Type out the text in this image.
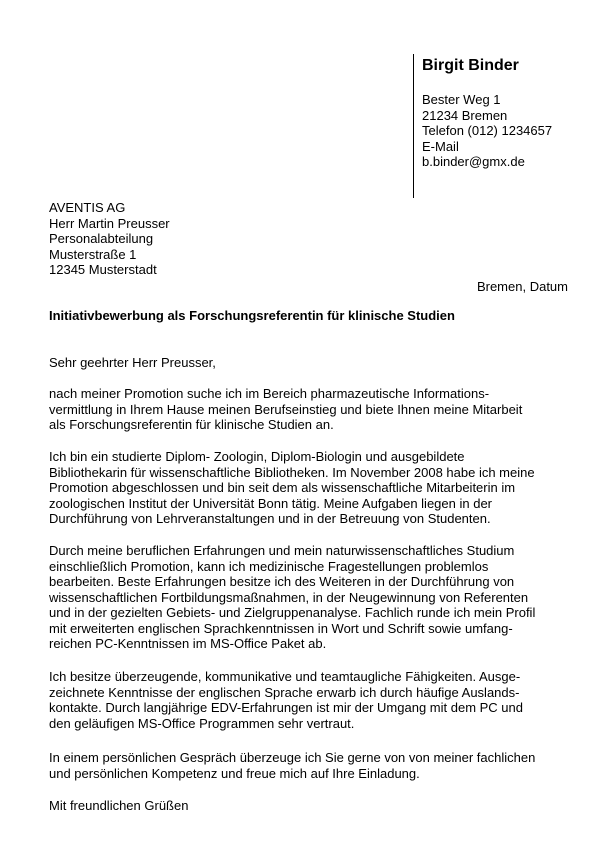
Birgit Binder
Bester Weg 1
21234 Bremen
Telefon (012) 1234657
E-Mail
b.binder@gmx.de
AVENTIS AG
Herr Martin Preusser
Personalabteilung
Musterstraße 1
12345 Musterstadt
Bremen, Datum
Initiativbewerbung als Forschungsreferentin für klinische Studien
Sehr geehrter Herr Preusser,
nach meiner Promotion suche ich im Bereich pharmazeutische Informations-
vermittlung in Ihrem Hause meinen Berufseinstieg und biete Ihnen meine Mitarbeit
als Forschungsreferentin für klinische Studien an.
Ich bin ein studierte Diplom- Zoologin, Diplom-Biologin und ausgebildete
Bibliothekarin für wissenschaftliche Bibliotheken. Im November 2008 habe ich meine
Promotion abgeschlossen und bin seit dem als wissenschaftliche Mitarbeiterin im
zoologischen Institut der Universität Bonn tätig. Meine Aufgaben liegen in der
Durchführung von Lehrveranstaltungen und in der Betreuung von Studenten.
Durch meine beruflichen Erfahrungen und mein naturwissenschaftliches Studium
einschließlich Promotion, kann ich medizinische Fragestellungen problemlos
bearbeiten. Beste Erfahrungen besitze ich des Weiteren in der Durchführung von
wissenschaftlichen Fortbildungsmaßnahmen, in der Neugewinnung von Referenten
und in der gezielten Gebiets- und Zielgruppenanalyse. Fachlich runde ich mein Profil
mit erweiterten englischen Sprachkenntnissen in Wort und Schrift sowie umfang-
reichen PC-Kenntnissen im MS-Office Paket ab.
Ich besitze überzeugende, kommunikative und teamtaugliche Fähigkeiten. Ausge-
zeichnete Kenntnisse der englischen Sprache erwarb ich durch häufige Auslands-
kontakte. Durch langjährige EDV-Erfahrungen ist mir der Umgang mit dem PC und
den geläufigen MS-Office Programmen sehr vertraut.
In einem persönlichen Gespräch überzeuge ich Sie gerne von von meiner fachlichen
und persönlichen Kompetenz und freue mich auf Ihre Einladung.
Mit freundlichen Grüßen
